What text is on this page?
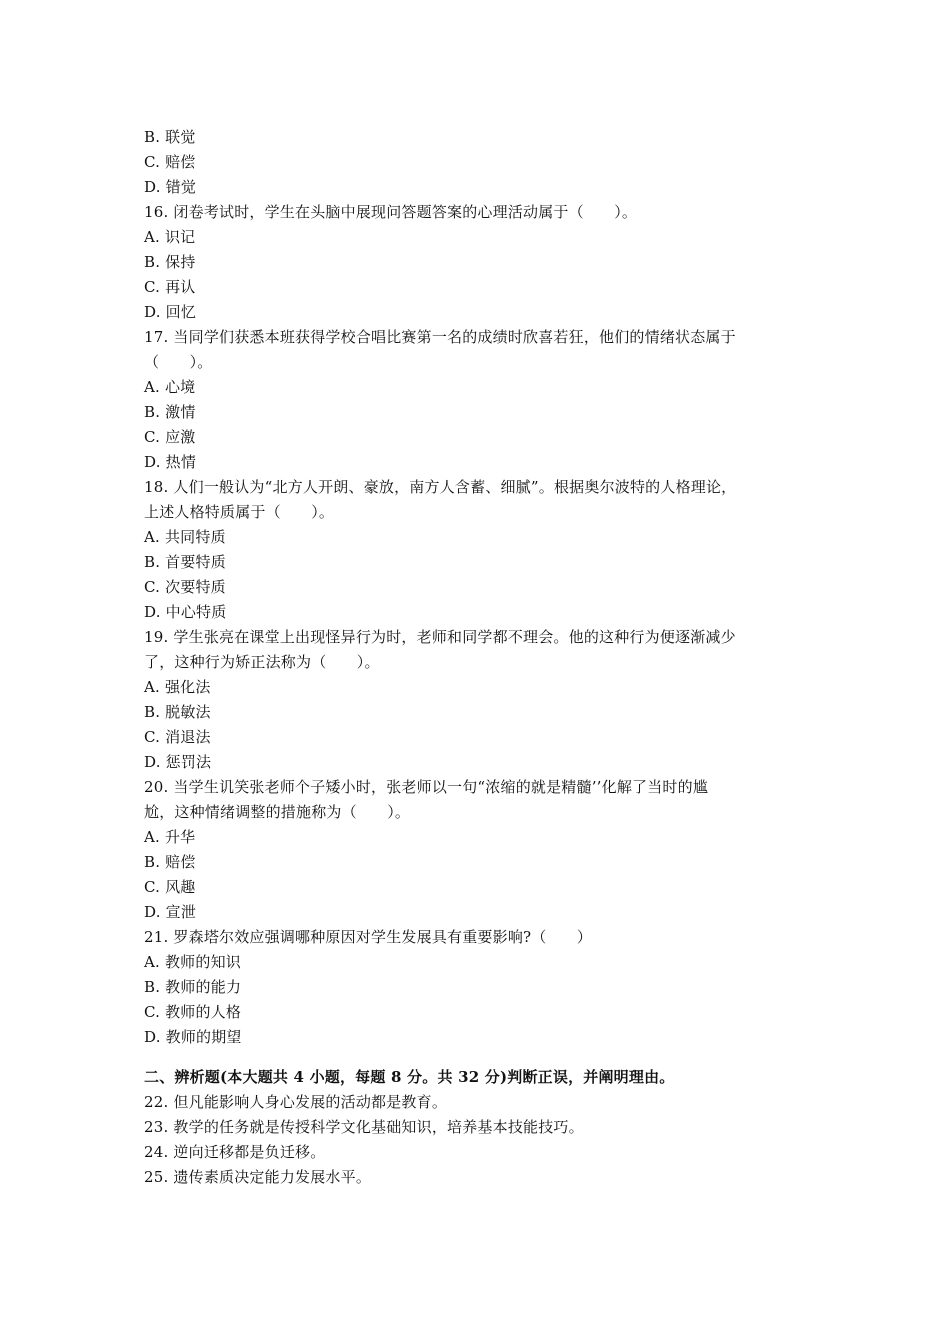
B. 联觉
C. 赔偿
D. 错觉
16. 闭卷考试时，学生在头脑中展现问答题答案的心理活动属于（　　）。
A. 识记
B. 保持
C. 再认
D. 回忆
17. 当同学们获悉本班获得学校合唱比赛第一名的成绩时欣喜若狂，他们的情绪状态属于
（　　）。
A. 心境
B. 激情
C. 应激
D. 热情
18. 人们一般认为“北方人开朗、豪放，南方人含蓄、细腻”。根据奥尔波特的人格理论，
上述人格特质属于（　　）。
A. 共同特质
B. 首要特质
C. 次要特质
D. 中心特质
19. 学生张亮在课堂上出现怪异行为时，老师和同学都不理会。他的这种行为便逐渐减少
了，这种行为矫正法称为（　　）。
A. 强化法
B. 脱敏法
C. 消退法
D. 惩罚法
20. 当学生讥笑张老师个子矮小时，张老师以一句“浓缩的就是精髓’’化解了当时的尴
尬，这种情绪调整的措施称为（　　）。
A. 升华
B. 赔偿
C. 风趣
D. 宣泄
21. 罗森塔尔效应强调哪种原因对学生发展具有重要影响?（　　）
A. 教师的知识
B. 教师的能力
C. 教师的人格
D. 教师的期望
二、辨析题(本大题共 4 小题，每题 8 分。共 32 分)判断正误，并阐明理由。
22. 但凡能影响人身心发展的活动都是教育。
23. 教学的任务就是传授科学文化基础知识，培养基本技能技巧。
24. 逆向迁移都是负迁移。
25. 遗传素质决定能力发展水平。
